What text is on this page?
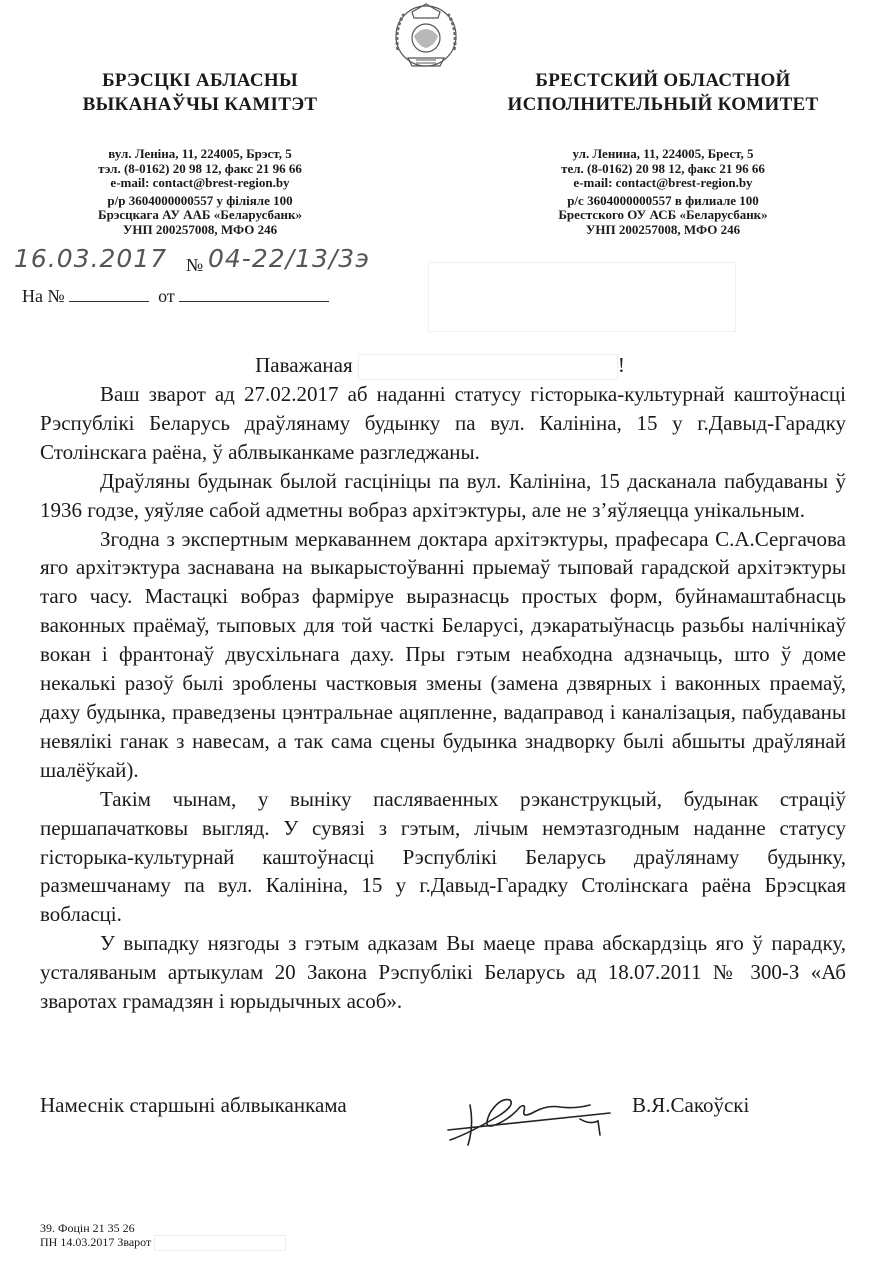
БРЭСЦКІ АБЛАСНЫ
ВЫКАНАЎЧЫ КАМІТЭТ
вул. Леніна, 11, 224005, Брэст, 5
тэл. (8-0162) 20 98 12, факс 21 96 66
e-mail: contact@brest-region.by
р/р 3604000000557 у філіяле 100
Брэсцкага АУ ААБ «Беларусбанк»
УНП 200257008, МФО 246
БРЕСТСКИЙ ОБЛАСТНОЙ
ИСПОЛНИТЕЛЬНЫЙ КОМИТЕТ
ул. Ленина, 11, 224005, Брест, 5
тел. (8-0162) 20 98 12, факс 21 96 66
e-mail: contact@brest-region.by
р/с 3604000000557 в филиале 100
Брестского ОУ АСБ «Беларусбанк»
УНП 200257008, МФО 246
16.03.2017 № 04-22/13/3э
На №	от
Паважаная	!

Ваш зварот ад 27.02.2017 аб наданні статусу гісторыка-культурнай каштоўнасці Рэспублікі Беларусь драўлянаму будынку па вул. Калініна, 15 у г.Давыд-Гарадку Столінскага раёна, ў аблвыканкаме разгледжаны.

Драўляны будынак былой гасцініцы па вул. Калініна, 15 дасканала пабудаваны ў 1936 годзе, уяўляе сабой адметны вобраз архітэктуры, але не з’яўляецца унікальным.

Згодна з экспертным меркаваннем доктара архітэктуры, прафесара С.А.Сергачова яго архітэктура заснавана на выкарыстоўванні прыемаў тыповай гарадской архітэктуры таго часу. Мастацкі вобраз фарміруе выразнасць простых форм, буйнамаштабнасць ваконных праёмаў, тыповых для той часткі Беларусі, дэкаратыўнасць разьбы налічнікаў вокан і франтонаў двусхільнага даху. Пры гэтым неабходна адзначыць, што ў доме некалькі разоў былі зроблены частковыя змены (замена дзвярных і ваконных праемаў, даху будынка, праведзены цэнтральнае ацяпленне, вадаправод і каналізацыя, пабудаваны невялікі ганак з навесам, а так сама сцены будынка знадворку былі абшыты драўлянай шалёўкай).

Такім чынам, у выніку пасляваенных рэканструкцый, будынак страціў першапачатковы выгляд. У сувязі з гэтым, лічым немэтазгодным наданне статусу гісторыка-культурнай каштоўнасці Рэспублікі Беларусь драўлянаму будынку, размешчанаму па вул. Калініна, 15 у г.Давыд-Гарадку Столінскага раёна Брэсцкая вобласці.

У выпадку нязгоды з гэтым адказам Вы маеце права абскардзіць яго ў парадку, усталяваным артыкулам 20 Закона Рэспублікі Беларусь ад 18.07.2011 № 300-З «Аб зваротах грамадзян і юрыдычных асоб».

Намеснік старшыні аблвыканкама	В.Я.Сакоўскі
39. Фоцін 21 35 26
ПН 14.03.2017 Зварот
